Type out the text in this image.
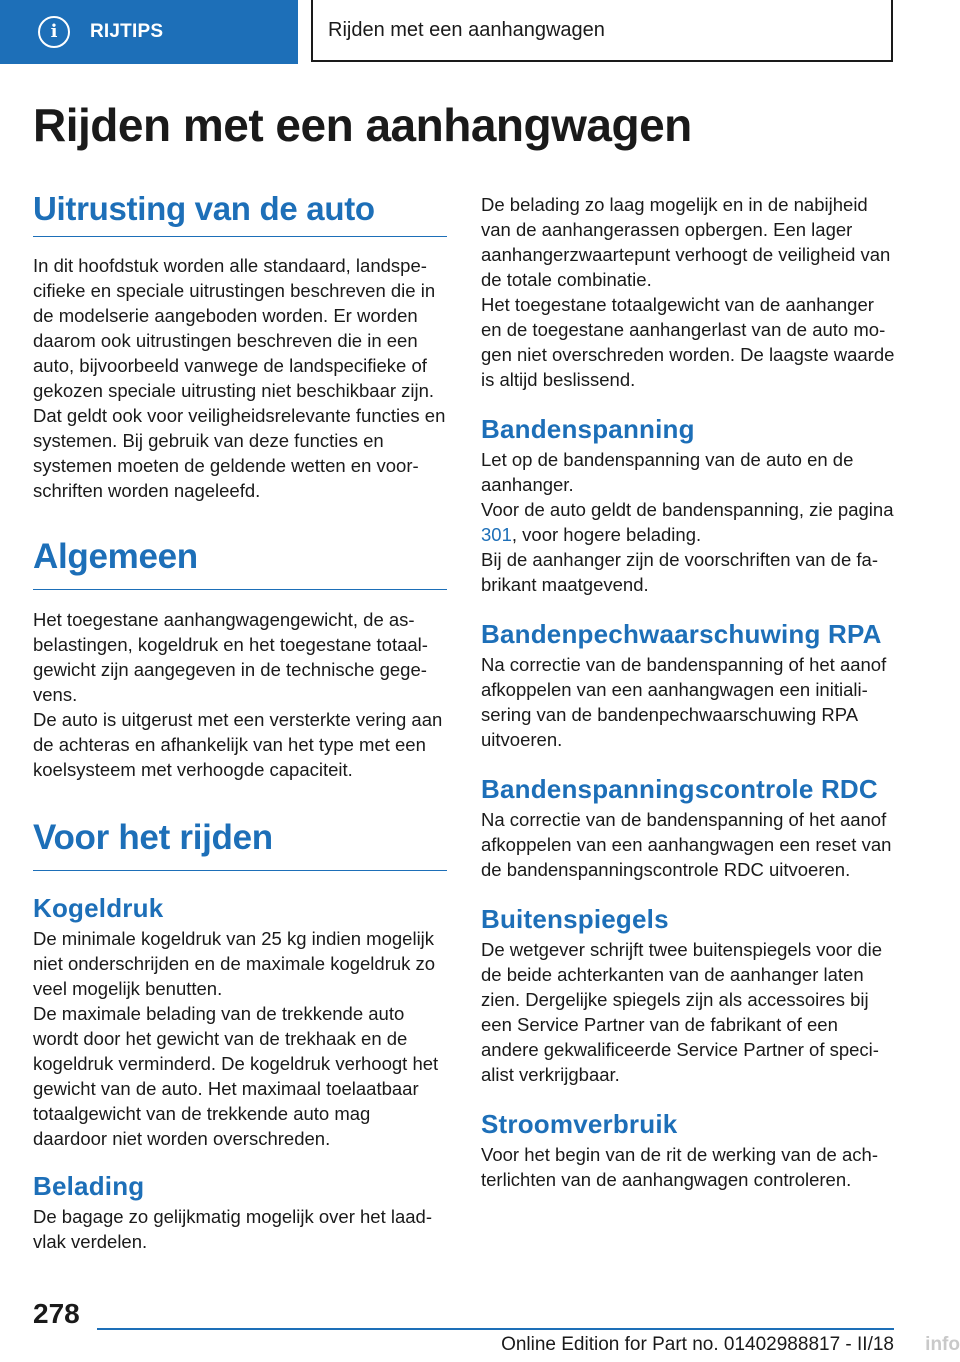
i	RIJTIPS	Rijden met een aanhangwagen
Rijden met een aanhangwagen
Uitrusting van de auto

In dit hoofdstuk worden alle standaard, landspecifieke en speciale uitrustingen beschreven die in de modelserie aangeboden worden. Er worden daarom ook uitrustingen beschreven die in een auto, bijvoorbeeld vanwege de landspecifieke of gekozen speciale uitrusting niet beschikbaar zijn. Dat geldt ook voor veiligheidsrelevante functies en systemen. Bij gebruik van deze functies en systemen moeten de geldende wetten en voorschriften worden nageleefd.

Algemeen

Het toegestane aanhangwagengewicht, de asbelastingen, kogeldruk en het toegestane totaalgewicht zijn aangegeven in de technische gegevens.

De auto is uitgerust met een versterkte vering aan de achteras en afhankelijk van het type met een koelsysteem met verhoogde capaciteit.

Voor het rijden
Kogeldruk

De minimale kogeldruk van 25 kg indien mogelijk niet onderschrijden en de maximale kogeldruk zo veel mogelijk benutten.

De maximale belading van de trekkende auto wordt door het gewicht van de trekhaak en de kogeldruk verminderd. De kogeldruk verhoogt het gewicht van de auto. Het maximaal toelaatbaar totaalgewicht van de trekkende auto mag daardoor niet worden overschreden.

Belading

De bagage zo gelijkmatig mogelijk over het laadvlak verdelen.

De belading zo laag mogelijk en in de nabijheid van de aanhangerassen opbergen. Een lager aanhangerzwaartepunt verhoogt de veiligheid van de totale combinatie.

Het toegestane totaalgewicht van de aanhanger en de toegestane aanhangerlast van de auto mogen niet overschreden worden. De laagste waarde is altijd beslissend.

Bandenspanning

Let op de bandenspanning van de auto en de aanhanger.

Voor de auto geldt de bandenspanning, zie pagina 301, voor hogere belading.

Bij de aanhanger zijn de voorschriften van de fabrikant maatgevend.

Bandenpechwaarschuwing RPA

Na correctie van de bandenspanning of het aanof afkoppelen van een aanhangwagen een initialisering van de bandenpechwaarschuwing RPA uitvoeren.

Bandenspanningscontrole RDC

Na correctie van de bandenspanning of het aanof afkoppelen van een aanhangwagen een reset van de bandenspanningscontrole RDC uitvoeren.

Buitenspiegels

De wetgever schrijft twee buitenspiegels voor die de beide achterkanten van de aanhanger laten zien. Dergelijke spiegels zijn als accessoires bij een Service Partner van de fabrikant of een andere gekwalificeerde Service Partner of specialist verkrijgbaar.

Stroomverbruik

Voor het begin van de rit de werking van de achterlichten van de aanhangwagen controleren.

278
Online Edition for Part no. 01402988817 - II/18 info
